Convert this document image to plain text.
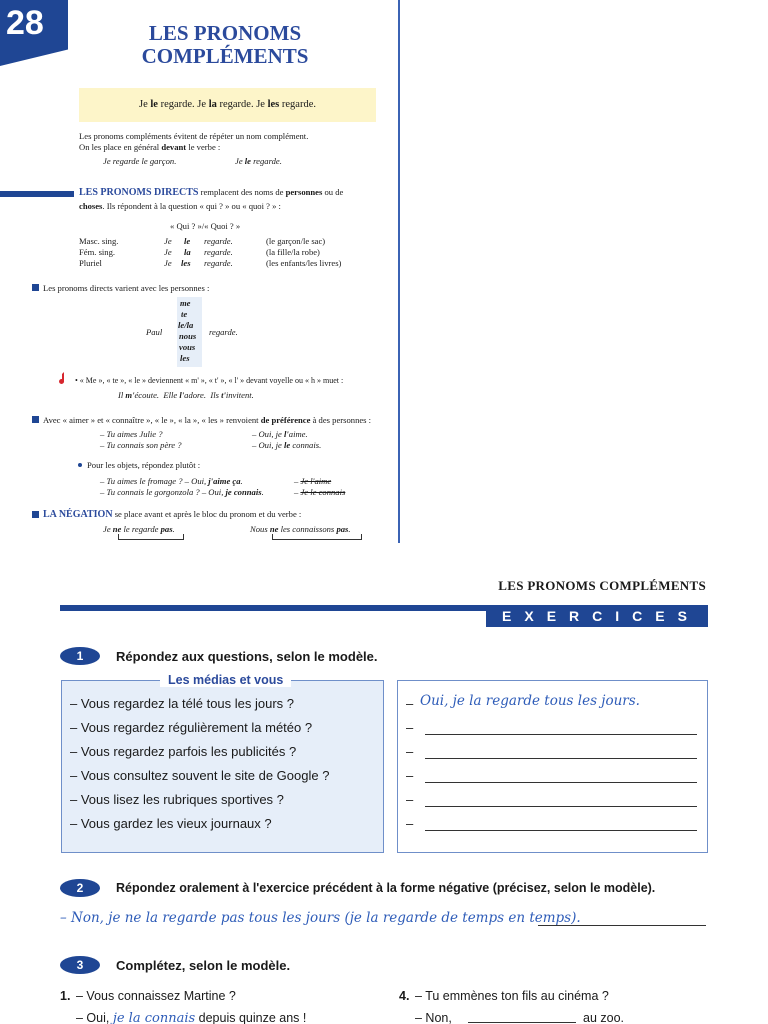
28	LES PRONOMS
COMPLÉMENTS
Je le regarde. Je la regarde. Je les regarde.
Les pronoms compléments évitent de répéter un nom complément.
On les place en général devant le verbe :
Je regarde le garçon.	Je le regarde.
LES PRONOMS DIRECTS remplacent des noms de personnes ou de
choses. Ils répondent à la question « qui ? » ou « quoi ? » :
« Qui ? »/« Quoi ? »
Masc. sing.	Je le regarde.	(le garçon/le sac)
Fém. sing.	Je la regarde.	(la fille/la robe)
Pluriel	Je les regarde.	(les enfants/les livres)
Les pronoms directs varient avec les personnes :
Paul	regarde.
me
te
le/la
nous
vous
les
• « Me », « te », « le » deviennent « m' », « t' », « l' » devant voyelle ou « h » muet :
Il m'écoute. Elle l'adore. Ils t'invitent.
Avec « aimer » et « connaître », « le », « la », « les » renvoient de préférence à des personnes :
– Tu aimes Julie ?
– Tu connais son père ?
– Oui, je l'aime.
– Oui, je le connais.
Pour les objets, répondez plutôt :
– Tu aimes le fromage ? – Oui, j'aime ça.
– Tu connais le gorgonzola ? – Oui, je connais.
– Je l'aime
– Je le connais
LA NÉGATION se place avant et après le bloc du pronom et du verbe :
Je ne le regarde pas.	Nous ne les connaissons pas.
LES PRONOMS COMPLÉMENTS
EXERCICES
1	Répondez aux questions, selon le modèle.
Les médias et vous
– Vous regardez la télé tous les jours ?
– Vous regardez régulièrement la météo ?
– Vous regardez parfois les publicités ?
– Vous consultez souvent le site de Google ?
– Vous lisez les rubriques sportives ?
– Vous gardez les vieux journaux ?
– Oui, je la regarde tous les jours.
–
–
–
–
–
2	Répondez oralement à l'exercice précédent à la forme négative (précisez, selon le modèle).
– Non, je ne la regarde pas tous les jours (je la regarde de temps en temps).
3	Complétez, selon le modèle.
1. – Vous connaissez Martine ?
– Oui, je la connais depuis quinze ans !
4. – Tu emmènes ton fils au cinéma ?
– Non,	au zoo.
